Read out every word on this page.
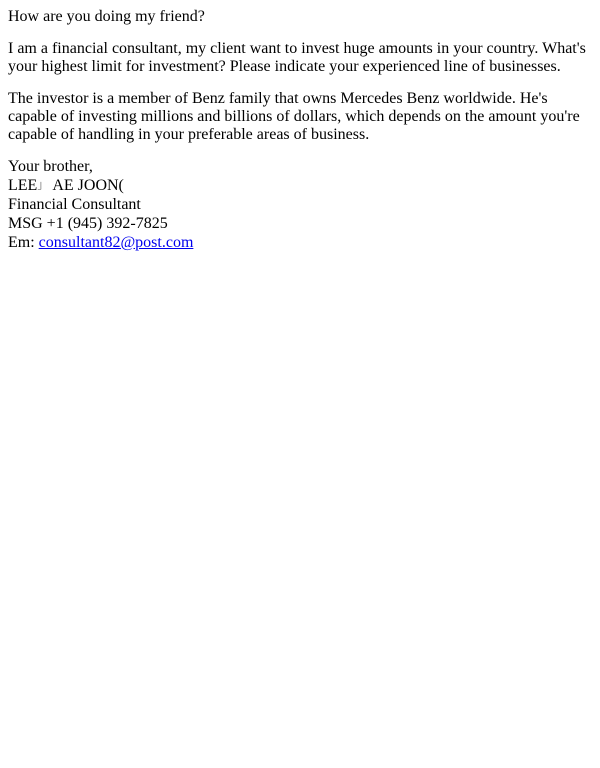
How are you doing my friend?

I am a financial consultant, my client want to invest huge amounts in your country. What's your highest limit for investment? Please indicate your experienced line of businesses.

The investor is a member of Benz family that owns Mercedes Benz worldwide. He's capable of investing millions and billions of dollars, which depends on the amount you're capable of handling in your preferable areas of business.

Your brother,

LEE」 AE JOON(
Financial Consultant
MSG +1 (945) 392-7825
Em: consultant82@post.com
